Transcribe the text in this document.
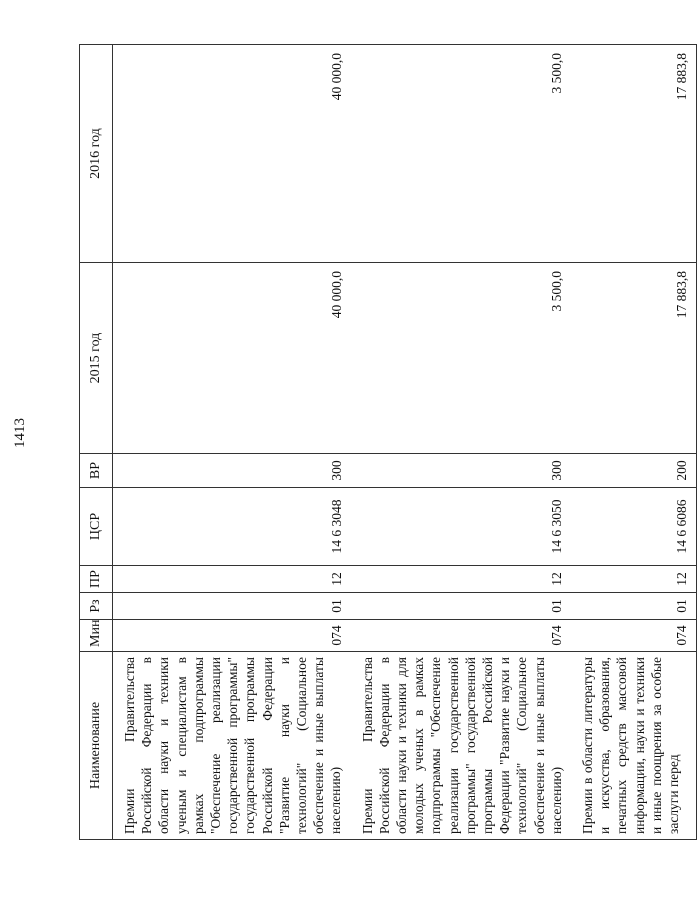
1413
Наименование	Мин	Рз	ПР	ЦСР	ВР	2015 год	2016 год
Премии Правительства Российской Федерации в области науки и техники ученым и специалистам в рамках подпрограммы "Обеспечение реализации государственной программы" государственной программы Российской Федерации "Развитие науки и технологий" (Социальное обеспечение и иные выплаты населению)	074	01	12	14 6 3048	300	40 000,0	40 000,0
Премии Правительства Российской Федерации в области науки и техники для молодых ученых в рамках подпрограммы "Обеспечение реализации государственной программы" государственной программы Российской Федерации "Развитие науки и технологий" (Социальное обеспечение и иные выплаты населению)	074	01	12	14 6 3050	300	3 500,0	3 500,0
Премии в области литературы и искусства, образования, печатных средств массовой информации, науки и техники и иные поощрения за особые заслуги перед	074	01	12	14 6 6086	200	17 883,8	17 883,8
